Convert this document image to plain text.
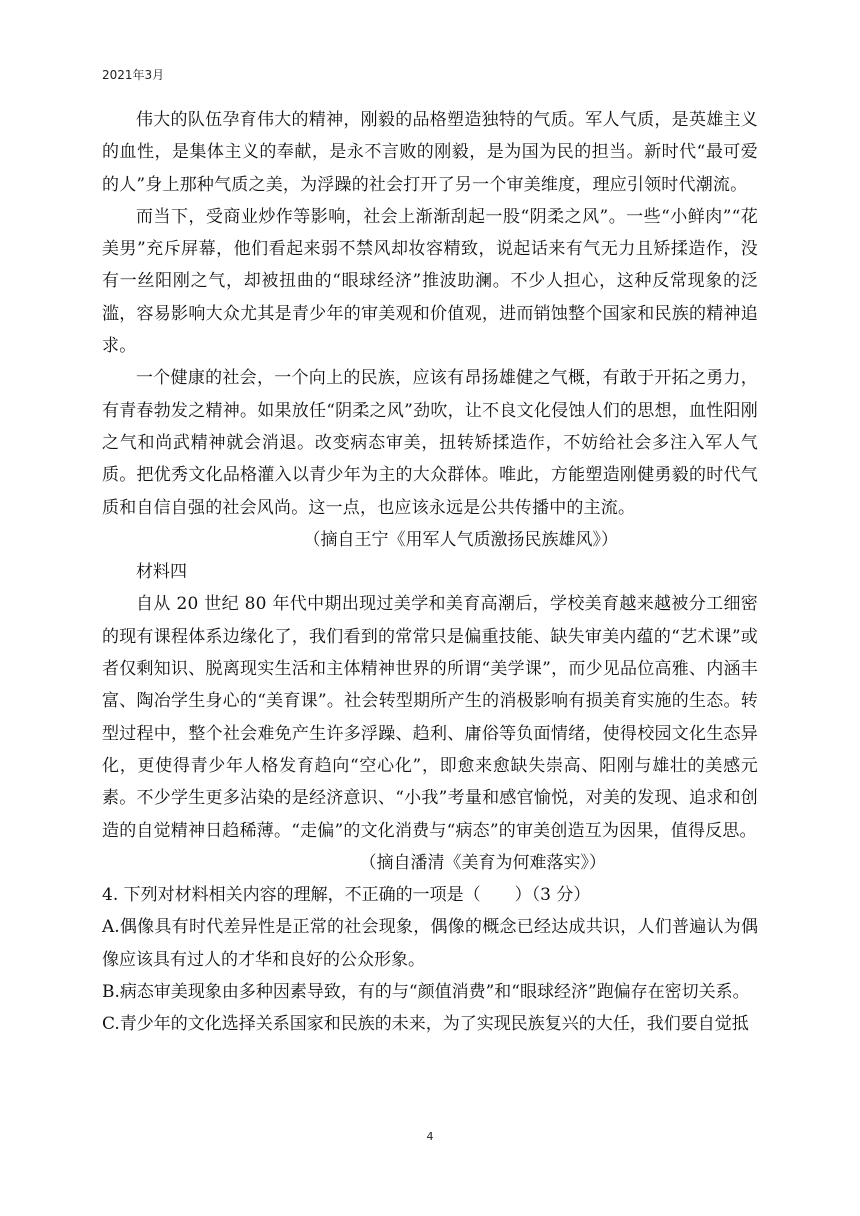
2021年3月

伟大的队伍孕育伟大的精神，刚毅的品格塑造独特的气质。军人气质，是英雄主义的血性，是集体主义的奉献，是永不言败的刚毅，是为国为民的担当。新时代“最可爱的人”身上那种气质之美，为浮躁的社会打开了另一个审美维度，理应引领时代潮流。

而当下，受商业炒作等影响，社会上渐渐刮起一股“阴柔之风”。一些“小鲜肉”“花美男”充斥屏幕，他们看起来弱不禁风却妆容精致，说起话来有气无力且矫揉造作，没有一丝阳刚之气，却被扭曲的“眼球经济”推波助澜。不少人担心，这种反常现象的泛滥，容易影响大众尤其是青少年的审美观和价值观，进而销蚀整个国家和民族的精神追求。

一个健康的社会，一个向上的民族，应该有昂扬雄健之气概，有敢于开拓之勇力，有青春勃发之精神。如果放任“阴柔之风”劲吹，让不良文化侵蚀人们的思想，血性阳刚之气和尚武精神就会消退。改变病态审美，扭转矫揉造作，不妨给社会多注入军人气质。把优秀文化品格灌入以青少年为主的大众群体。唯此，方能塑造刚健勇毅的时代气质和自信自强的社会风尚。这一点，也应该永远是公共传播中的主流。

（摘自王宁《用军人气质激扬民族雄风》）

材料四

自从 20 世纪 80 年代中期出现过美学和美育高潮后，学校美育越来越被分工细密的现有课程体系边缘化了，我们看到的常常只是偏重技能、缺失审美内蕴的“艺术课”或者仅剩知识、脱离现实生活和主体精神世界的所谓“美学课”，而少见品位高雅、内涵丰富、陶冶学生身心的“美育课”。社会转型期所产生的消极影响有损美育实施的生态。转型过程中，整个社会难免产生许多浮躁、趋利、庸俗等负面情绪，使得校园文化生态异化，更使得青少年人格发育趋向“空心化”，即愈来愈缺失崇高、阳刚与雄壮的美感元素。不少学生更多沾染的是经济意识、“小我”考量和感官愉悦，对美的发现、追求和创造的自觉精神日趋稀薄。“走偏”的文化消费与“病态”的审美创造互为因果，值得反思。

（摘自潘清《美育为何难落实》）

4. 下列对材料相关内容的理解，不正确的一项是（　　）（3 分）

A.偶像具有时代差异性是正常的社会现象，偶像的概念已经达成共识，人们普遍认为偶像应该具有过人的才华和良好的公众形象。

B.病态审美现象由多种因素导致，有的与“颜值消费”和“眼球经济”跑偏存在密切关系。

C.青少年的文化选择关系国家和民族的未来，为了实现民族复兴的大任，我们要自觉抵

4
